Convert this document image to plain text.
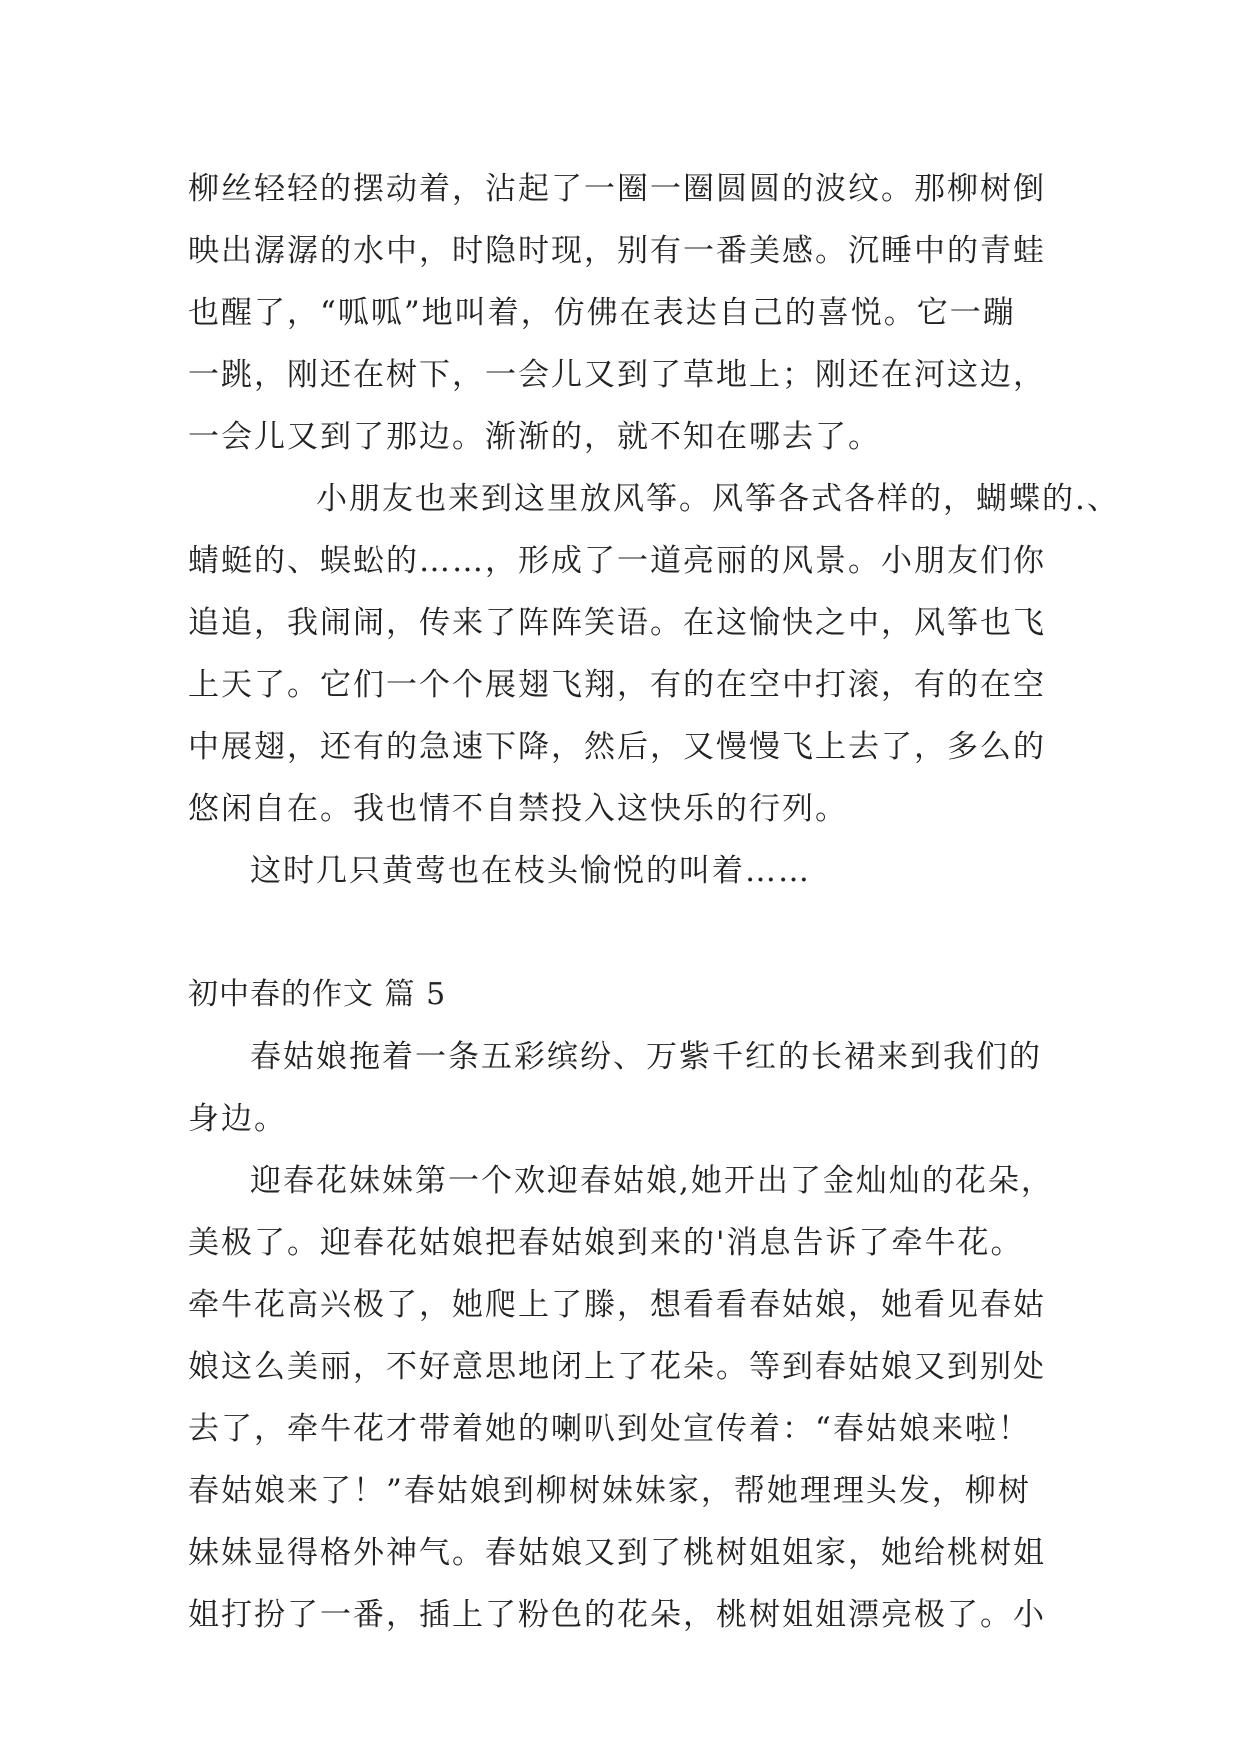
柳丝轻轻的摆动着，沾起了一圈一圈圆圆的波纹。那柳树倒
映出潺潺的水中，时隐时现，别有一番美感。沉睡中的青蛙
也醒了，“呱呱”地叫着，仿佛在表达自己的喜悦。它一蹦
一跳，刚还在树下，一会儿又到了草地上；刚还在河这边，
一会儿又到了那边。渐渐的，就不知在哪去了。

小朋友也来到这里放风筝。风筝各式各样的，蝴蝶的.、
蜻蜓的、蜈蚣的……，形成了一道亮丽的风景。小朋友们你
追追，我闹闹，传来了阵阵笑语。在这愉快之中，风筝也飞
上天了。它们一个个展翅飞翔，有的在空中打滚，有的在空
中展翅，还有的急速下降，然后，又慢慢飞上去了，多么的
悠闲自在。我也情不自禁投入这快乐的行列。

这时几只黄莺也在枝头愉悦的叫着……

初中春的作文 篇 5

春姑娘拖着一条五彩缤纷、万紫千红的长裙来到我们的
身边。

迎春花妹妹第一个欢迎春姑娘,她开出了金灿灿的花朵，
美极了。迎春花姑娘把春姑娘到来的'消息告诉了牵牛花。
牵牛花高兴极了，她爬上了滕，想看看春姑娘，她看见春姑
娘这么美丽，不好意思地闭上了花朵。等到春姑娘又到别处
去了，牵牛花才带着她的喇叭到处宣传着：“春姑娘来啦！
春姑娘来了！”春姑娘到柳树妹妹家，帮她理理头发，柳树
妹妹显得格外神气。春姑娘又到了桃树姐姐家，她给桃树姐
姐打扮了一番，插上了粉色的花朵，桃树姐姐漂亮极了。小
